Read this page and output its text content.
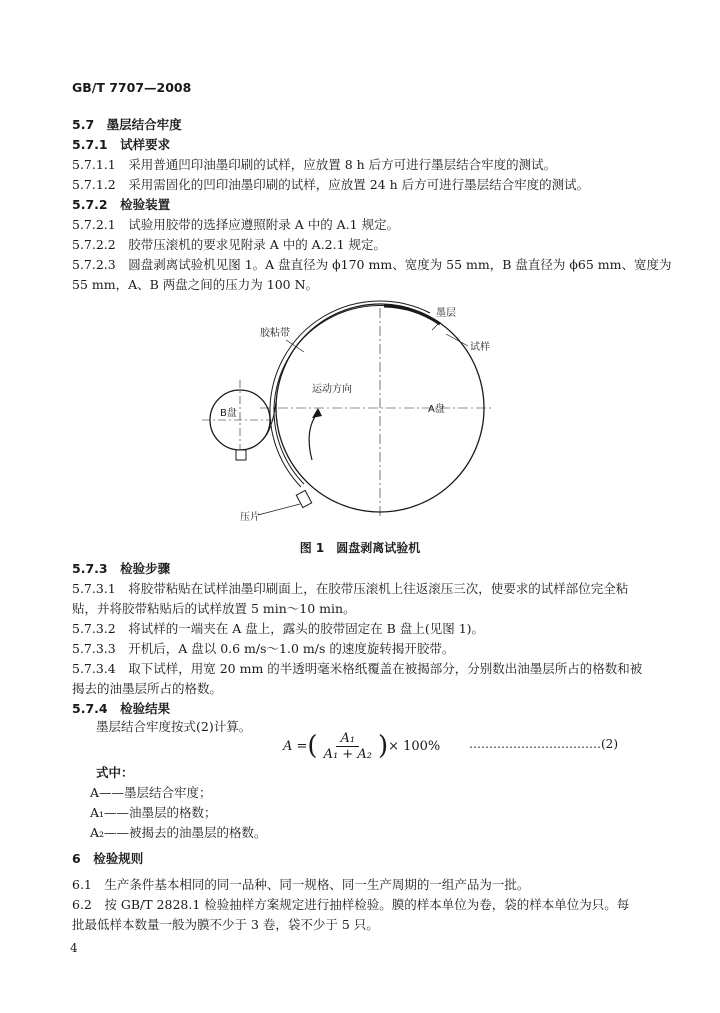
GB/T 7707—2008
5.7　墨层结合牢度
5.7.1　试样要求
5.7.1.1　采用普通凹印油墨印刷的试样，应放置 8 h 后方可进行墨层结合牢度的测试。
5.7.1.2　采用需固化的凹印油墨印刷的试样，应放置 24 h 后方可进行墨层结合牢度的测试。
5.7.2　检验装置
5.7.2.1　试验用胶带的选择应遵照附录 A 中的 A.1 规定。
5.7.2.2　胶带压滚机的要求见附录 A 中的 A.2.1 规定。
5.7.2.3　圆盘剥离试验机见图 1。A 盘直径为 ϕ170 mm、宽度为 55 mm，B 盘直径为 ϕ65 mm、宽度为
55 mm，A、B 两盘之间的压力为 100 N。
胶粘带
墨层
试样
运动方向
A盘
B盘
压片
图 1　圆盘剥离试验机
5.7.3　检验步骤
5.7.3.1　将胶带粘贴在试样油墨印刷面上，在胶带压滚机上往返滚压三次，使要求的试样部位完全粘
贴，并将胶带粘贴后的试样放置 5 min～10 min。
5.7.3.2　将试样的一端夹在 A 盘上，露头的胶带固定在 B 盘上(见图 1)。
5.7.3.3　开机后，A 盘以 0.6 m/s～1.0 m/s 的速度旋转揭开胶带。
5.7.3.4　取下试样，用宽 20 mm 的半透明毫米格纸覆盖在被揭部分，分别数出油墨层所占的格数和被
揭去的油墨层所占的格数。
5.7.4　检验结果
墨层结合牢度按式(2)计算。
A = ( $\frac{\text{A₁}}{\text{A₁ + A₂}}$ ) × 100% ……………………………(2)
式中：
A——墨层结合牢度；
A₁——油墨层的格数；
A₂——被揭去的油墨层的格数。
6　检验规则
6.1　生产条件基本相同的同一品种、同一规格、同一生产周期的一组产品为一批。
6.2　按 GB/T 2828.1 检验抽样方案规定进行抽样检验。膜的样本单位为卷，袋的样本单位为只。每
批最低样本数量一般为膜不少于 3 卷，袋不少于 5 只。
4
